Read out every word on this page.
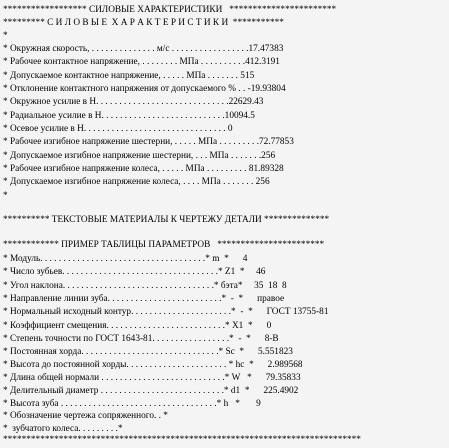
****************** СИЛОВЫЕ ХАРАКТЕРИСТИКИ   ***********************
********* С И Л О В Ы Е  Х А Р А К Т Е Р И С Т И К И  ***********
*
* Окружная скорость, . . . . . . . . . . . . . . м/с . . . . . . . . . . . . . . . . .17.47383
* Рабочее контактное напряжение, . . . . . . . . МПа . . . . . . . . . .412.3191
* Допускаемое контактное напряжение, . . . . . МПа . . . . . . . 515
* Отклонение контактного напряжения от допускаемого % . . -19.93804
* Окружное усилие в Н. . . . . . . . . . . . . . . . . . . . . . . . . . . . .22629.43
* Радиальное усилие в Н. . . . . . . . . . . . . . . . . . . . . . . . . . .10094.5
* Осевое усилие в Н. . . . . . . . . . . . . . . . . . . . . . . . . . . . . . . 0
* Рабочее изгибное напряжение шестерни, . . . . . МПа . . . . . . . . .72.77853
* Допускаемое изгибное напряжение шестерни, . . . МПа . . . . . . .256
* Рабочее изгибное напряжение колеса, . . . . . МПа . . . . . . . . . 81.89328
* Допускаемое изгибное напряжение колеса, . . . . МПа . . . . . . . 256
*
********** ТЕКСТОВЫЕ МАТЕРИАЛЫ К ЧЕРТЕЖУ ДЕТАЛИ **************
************ ПРИМЕР ТАБЛИЦЫ ПАРАМЕТРОВ   ***********************
* Модуль. . . . . . . . . . . . . . . . . . . . . . . . . . . . . . . . . . . .* m  *      4
* Число зубьев. . . . . . . . . . . . . . . . . . . . . . . . . . . . . . . . . .* Z1  *     46
* Угол наклона. . . . . . . . . . . . . . . . . . . . . . . . . . . . . . . . .* бэта*     35  18  8
* Направление линии зуба. . . . . . . . . . . . . . . . . . . . . . . . .*  -  *      правое
* Нормальный исходный контур. . . . . . . . . . . . . . . . . . . . . .*  -  *      ГОСТ 13755-81
* Коэффициент смещения. . . . . . . . . . . . . . . . . . . . . . . . . .* X1  *      0
* Степень точности по ГОСТ 1643-81. . . . . . . . . . . . . . . . .*  -  *      8-В
* Постоянная хорда. . . . . . . . . . . . . . . . . . . . . . . . . . . . . .* Sc  *      5.551823
* Высота до постоянной хорды. . . . . . . . . . . . . . . . . . . . . . * hc  *      2.989568
* Длина общей нормали . . . . . . . . . . . . . . . . . . . . . . . . . . .* W   *      79.35833
* Делительный диаметр . . . . . . . . . . . . . . . . . . . . . . . . . . .* d1  *      225.4902
* Высота зуба . . . . . . . . . . . . . . . . . . . . . . . . . . . . . . . . . .* h   *       9
* Обозначение чертежа сопряженного. . *
*  зубчатого колеса. . . . . . . . .*
*****************************************************************************
